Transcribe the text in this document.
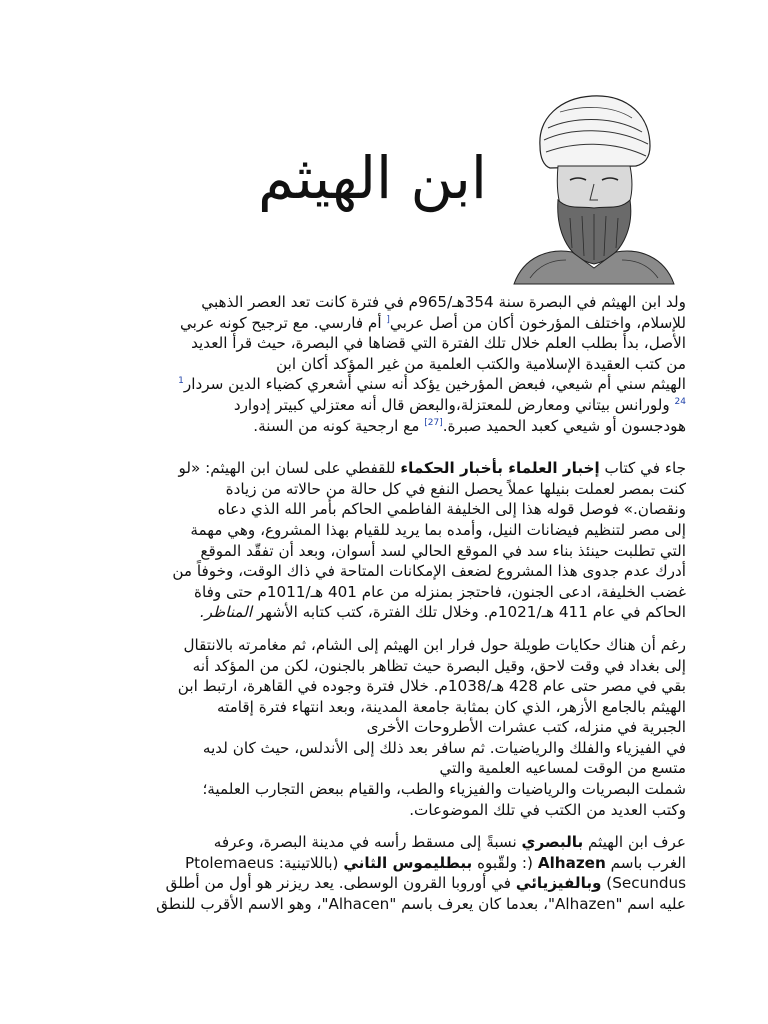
ابن الهيثم

ولد ابن الهيثم في البصرة سنة 354هـ/965م في فترة كانت تعد العصر الذهبي
للإسلام، واختلف المؤرخون أكان من أصل عربي[ أم فارسي. مع ترجيح كونه عربي
الأصل، بدأ بطلب العلم خلال تلك الفترة التي قضاها في البصرة، حيث قرأ العديد
من كتب العقيدة الإسلامية والكتب العلمية من غير المؤكد أكان ابن
الهيثم سني أم شيعي، فبعض المؤرخين يؤكد أنه سني أشعري كضياء الدين سردار$^1$
$^{24}$ ولورانس بيتاني ومعارض للمعتزلة،والبعض قال أنه معتزلي كبيتر إدوارد
هودجسون أو شيعي كعبد الحميد صبرة.[27] مع ارجحية كونه من السنة.

جاء في كتاب إخبار العلماء بأخبار الحكماء للقفطي على لسان ابن الهيثم: «لو
كنت بمصر لعملت بنيلها عملاً يحصل النفع في كل حالة من حالاته من زيادة
ونقصان.» فوصل قوله هذا إلى الخليفة الفاطمي الحاكم بأمر الله الذي دعاه
إلى مصر لتنظيم فيضانات النيل، وأمده بما يريد للقيام بهذا المشروع، وهي مهمة
التي تطلبت حينئذ بناء سد في الموقع الحالي لسد أسوان، وبعد أن تفقّد الموقع
أدرك عدم جدوى هذا المشروع لضعف الإمكانات المتاحة في ذاك الوقت، وخوفاً من
غضب الخليفة، ادعى الجنون، فاحتجز بمنزله من عام 401 هـ/1011م حتى وفاة
الحاكم في عام 411 هـ/1021م. وخلال تلك الفترة، كتب كتابه الأشهر المناظر.

رغم أن هناك حكايات طويلة حول فرار ابن الهيثم إلى الشام، ثم مغامرته بالانتقال
إلى بغداد في وقت لاحق، وقيل البصرة حيث تظاهر بالجنون، لكن من المؤكد أنه
بقي في مصر حتى عام 428 هـ/1038م. خلال فترة وجوده في القاهرة، ارتبط ابن
الهيثم بالجامع الأزهر، الذي كان بمثابة جامعة المدينة، وبعد انتهاء فترة إقامته
الجبرية في منزله، كتب عشرات الأطروحات الأخرى
في الفيزياء والفلك والرياضيات. ثم سافر بعد ذلك إلى الأندلس، حيث كان لديه
متسع من الوقت لمساعيه العلمية والتي
شملت البصريات والرياضيات والفيزياء والطب، والقيام ببعض التجارب العلمية؛
وكتب العديد من الكتب في تلك الموضوعات.

عرف ابن الهيثم بالبصري نسبةً إلى مسقط رأسه في مدينة البصرة، وعرفه
الغرب باسم Alhazen (: ولقّبوه ببطليموس الثاني (باللاتينية: Ptolemaeus
Secundus) وبالفيزيائي في أوروبا القرون الوسطى. يعد ريزنر هو أول من أطلق
عليه اسم "Alhazen"، بعدما كان يعرف باسم "Alhacen"، وهو الاسم الأقرب للنطق
